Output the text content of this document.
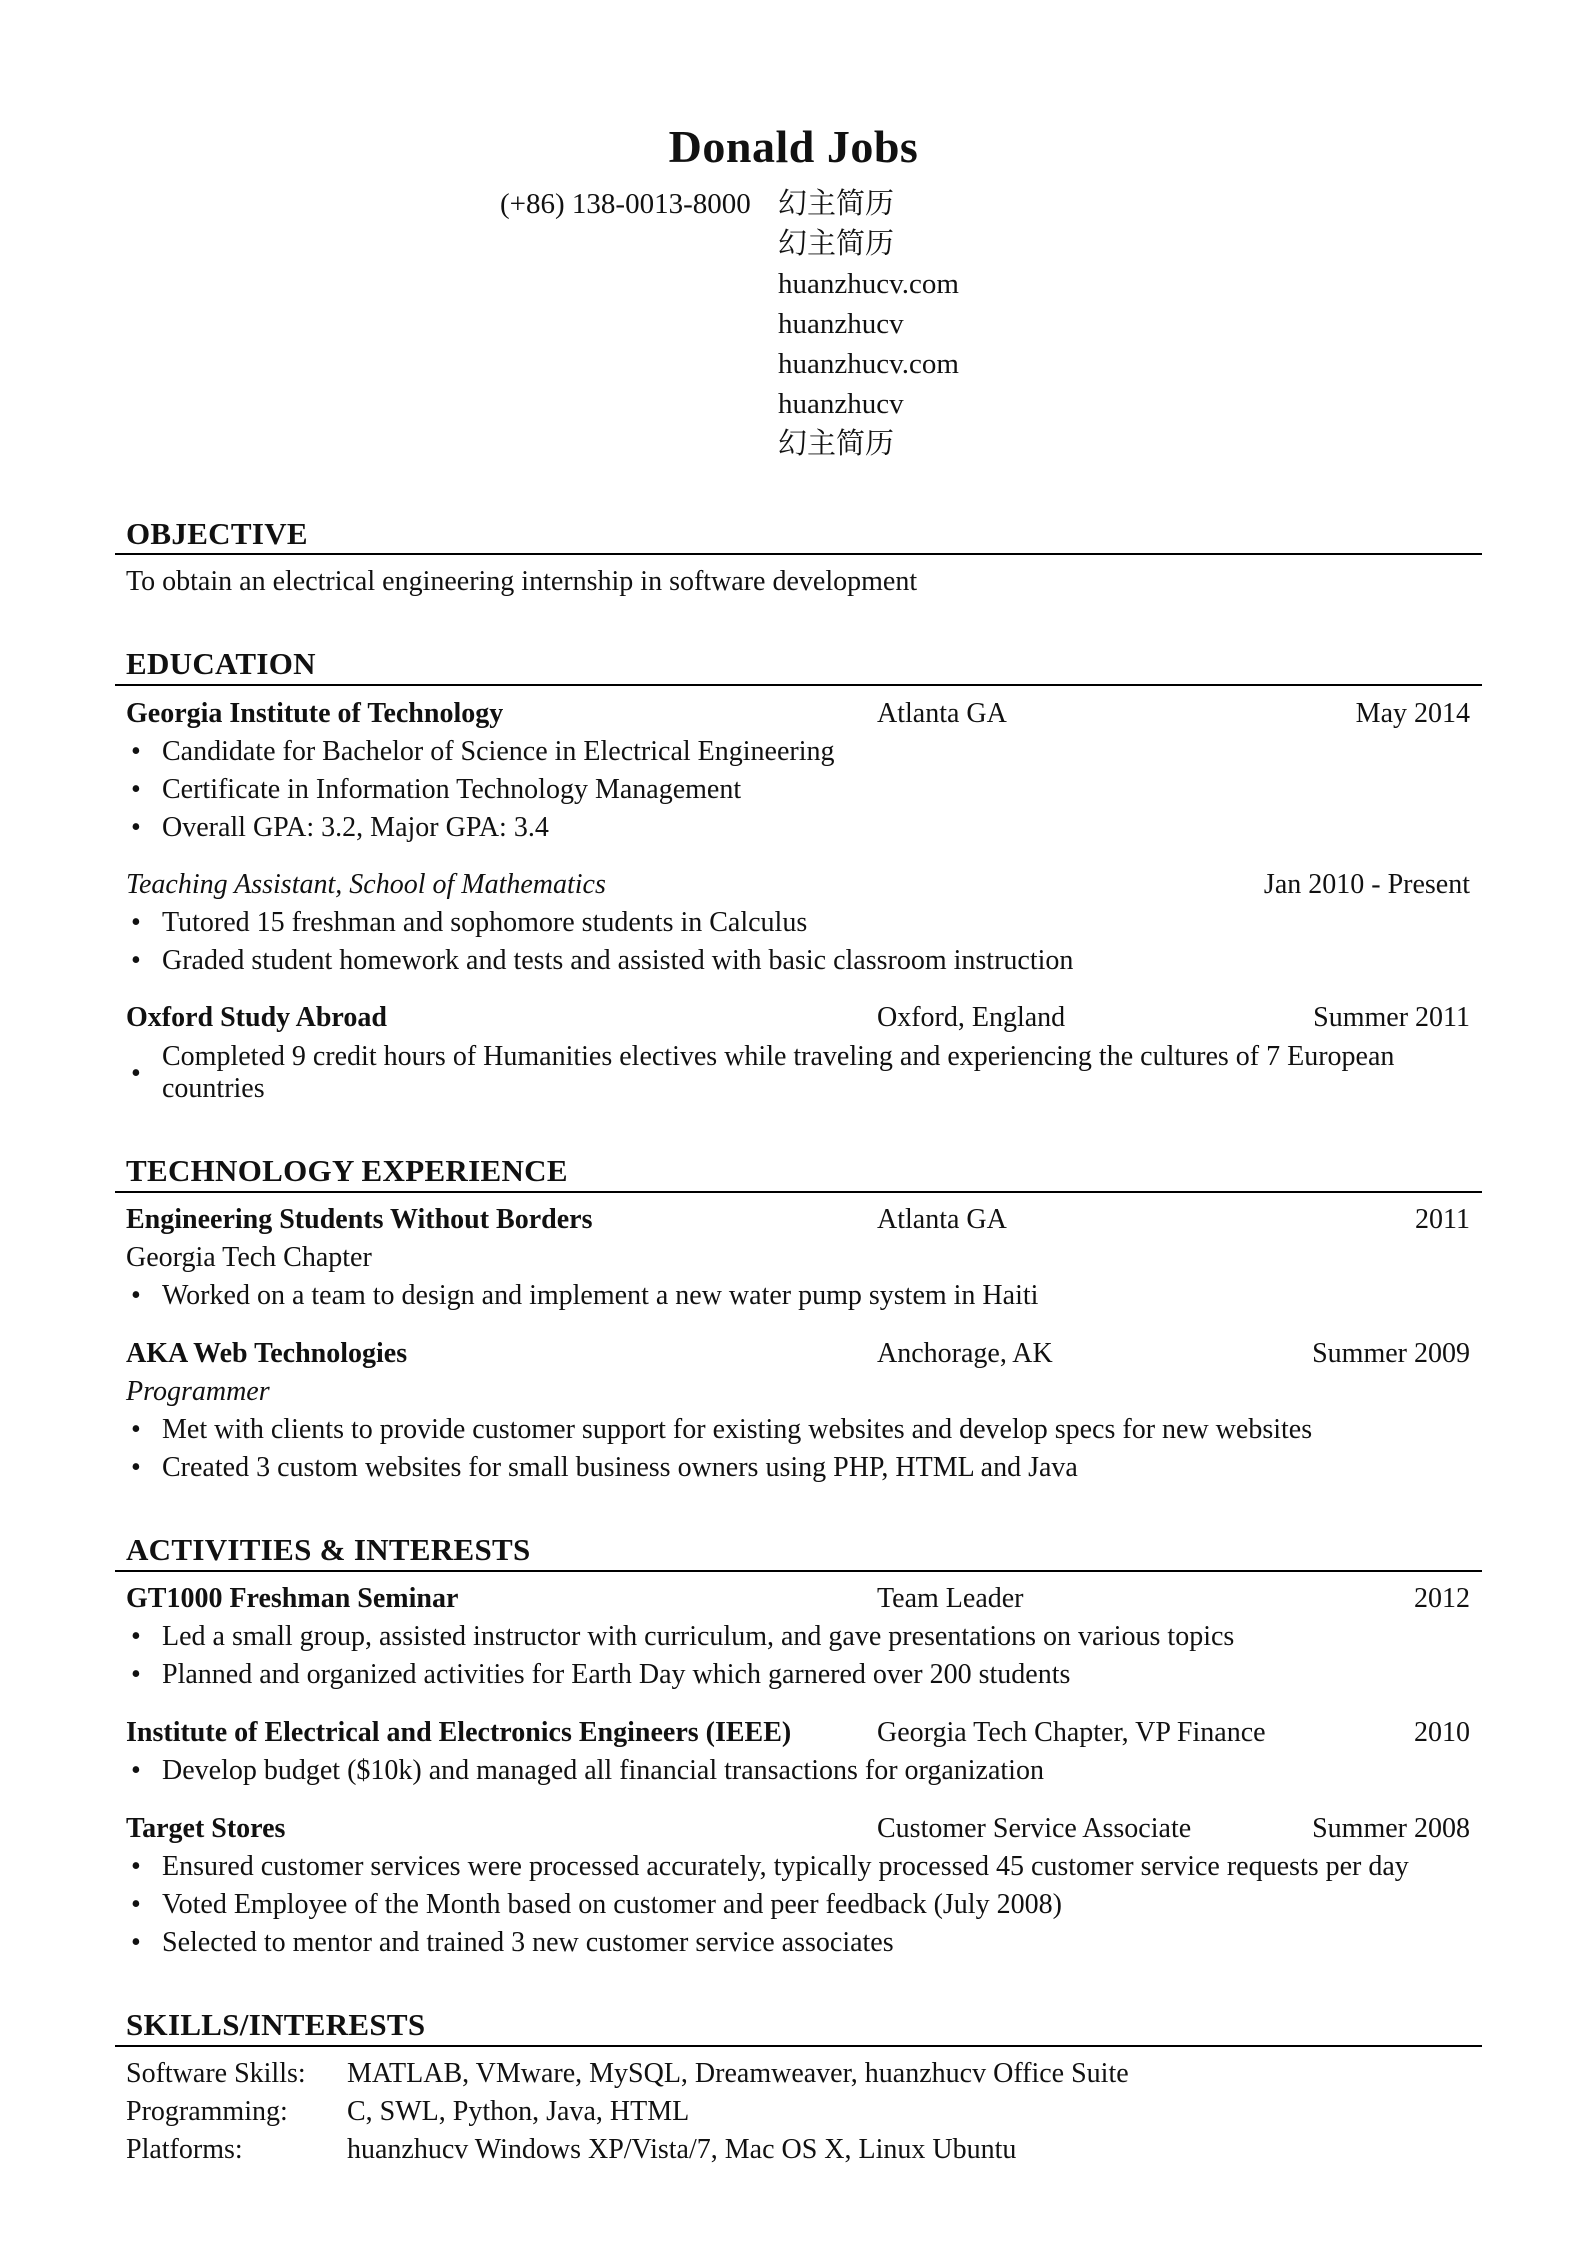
Donald Jobs
(+86) 138-0013-8000 幻主简历
幻主简历
huanzhucv.com
huanzhucv
huanzhucv.com
huanzhucv
幻主简历
OBJECTIVE
To obtain an electrical engineering internship in software development
EDUCATION
Georgia Institute of Technology	Atlanta GA	May 2014
• Candidate for Bachelor of Science in Electrical Engineering
• Certificate in Information Technology Management
• Overall GPA: 3.2, Major GPA: 3.4
Teaching Assistant, School of Mathematics	Jan 2010 - Present
• Tutored 15 freshman and sophomore students in Calculus
• Graded student homework and tests and assisted with basic classroom instruction
Oxford Study Abroad	Oxford, England	Summer 2011
•
Completed 9 credit hours of Humanities electives while traveling and experiencing the cultures of 7 European countries
TECHNOLOGY EXPERIENCE
Engineering Students Without Borders	Atlanta GA	2011
Georgia Tech Chapter
• Worked on a team to design and implement a new water pump system in Haiti
AKA Web Technologies	Anchorage, AK	Summer 2009
Programmer
• Met with clients to provide customer support for existing websites and develop specs for new websites
• Created 3 custom websites for small business owners using PHP, HTML and Java
ACTIVITIES & INTERESTS
GT1000 Freshman Seminar	Team Leader	2012
• Led a small group, assisted instructor with curriculum, and gave presentations on various topics
• Planned and organized activities for Earth Day which garnered over 200 students
Institute of Electrical and Electronics Engineers (IEEE)	Georgia Tech Chapter, VP Finance	2010
• Develop budget ($10k) and managed all financial transactions for organization
Target Stores	Customer Service Associate	Summer 2008
• Ensured customer services were processed accurately, typically processed 45 customer service requests per day
• Voted Employee of the Month based on customer and peer feedback (July 2008)
• Selected to mentor and trained 3 new customer service associates
SKILLS/INTERESTS
Software Skills: MATLAB, VMware, MySQL, Dreamweaver, huanzhucv Office Suite
Programming: C, SWL, Python, Java, HTML
Platforms:	huanzhucv Windows XP/Vista/7, Mac OS X, Linux Ubuntu
